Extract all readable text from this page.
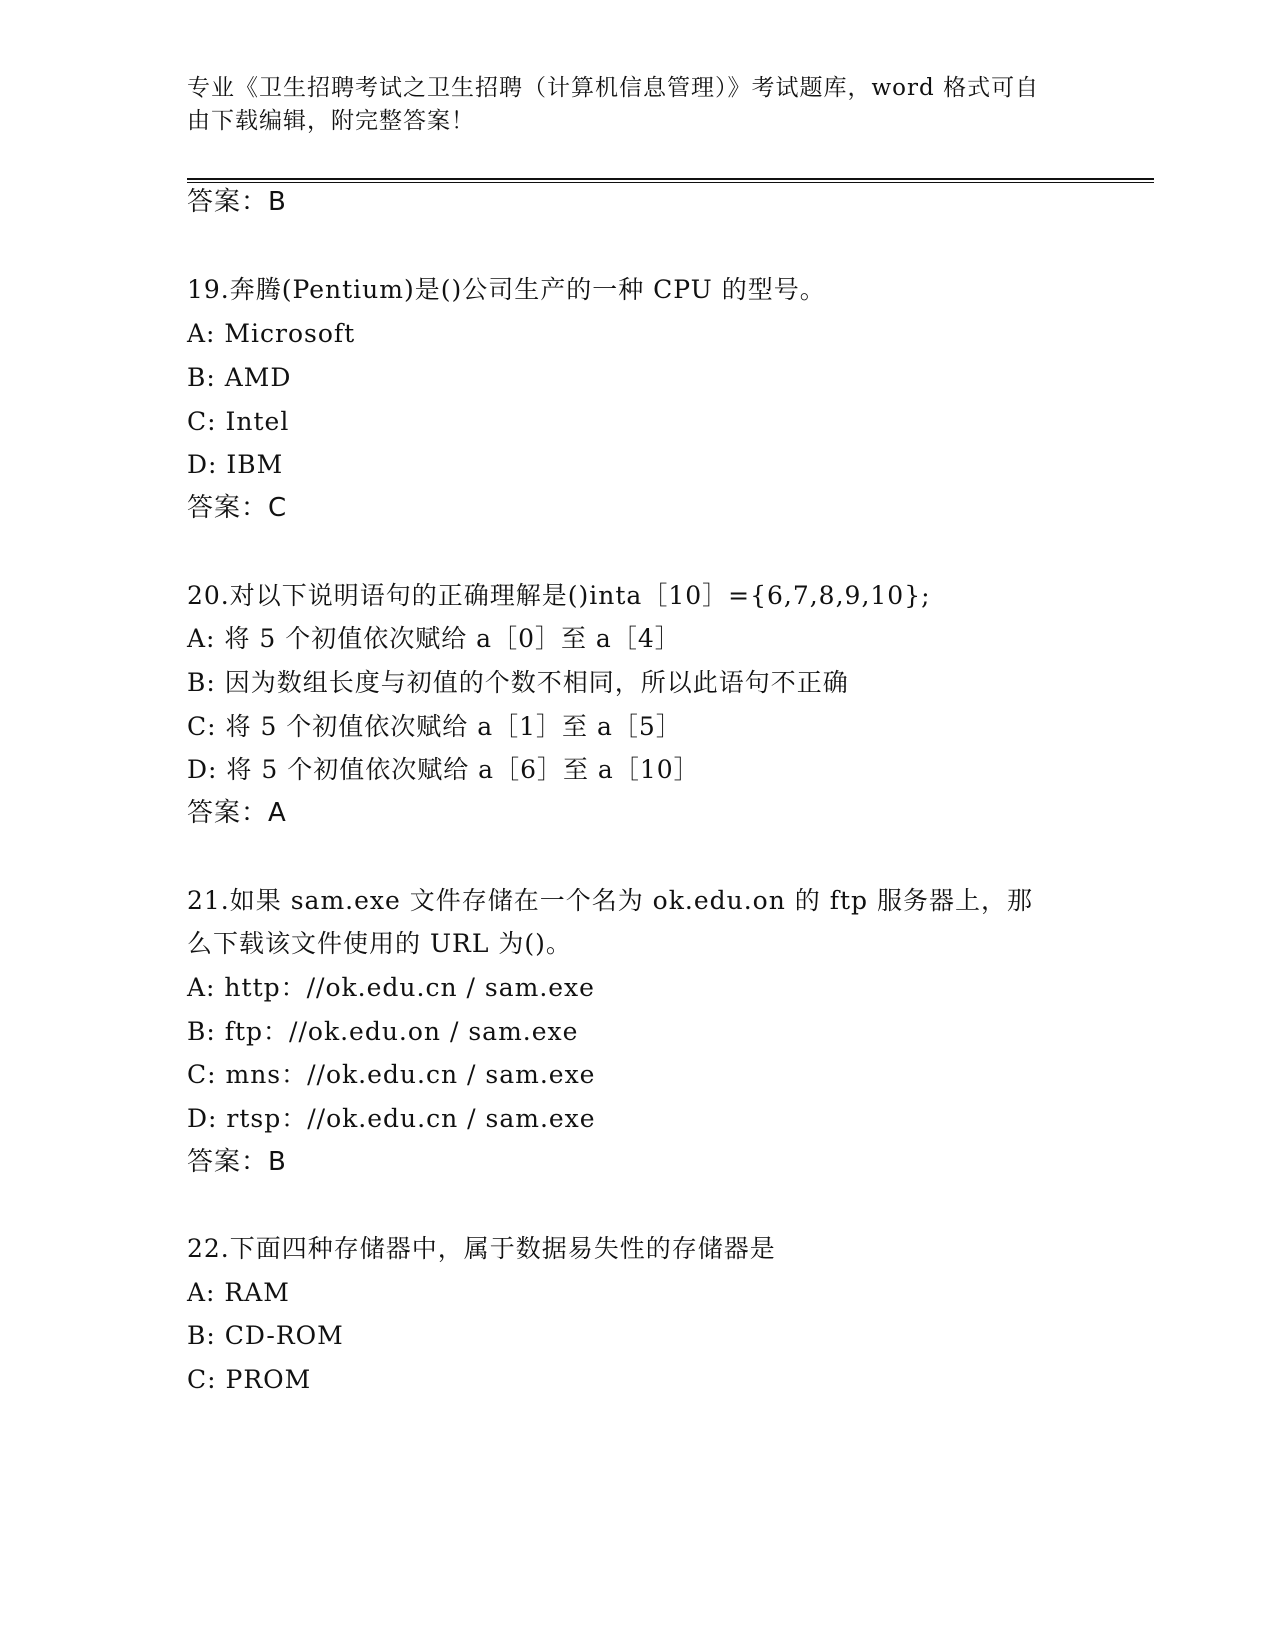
专业《卫生招聘考试之卫生招聘（计算机信息管理）》考试题库，word 格式可自
由下载编辑，附完整答案！
答案：B
19.奔腾(Pentium)是()公司生产的一种 CPU 的型号。
A: Microsoft
B: AMD
C: Intel
D: IBM
答案：C
20.对以下说明语句的正确理解是()inta［10］={6,7,8,9,10};
A: 将 5 个初值依次赋给 a［0］至 a［4］
B: 因为数组长度与初值的个数不相同，所以此语句不正确
C: 将 5 个初值依次赋给 a［1］至 a［5］
D: 将 5 个初值依次赋给 a［6］至 a［10］
答案：A
21.如果 sam.exe 文件存储在一个名为 ok.edu.on 的 ftp 服务器上，那
么下载该文件使用的 URL 为()。
A: http：//ok.edu.cn / sam.exe
B: ftp：//ok.edu.on / sam.exe
C: mns：//ok.edu.cn / sam.exe
D: rtsp：//ok.edu.cn / sam.exe
答案：B
22.下面四种存储器中，属于数据易失性的存储器是
A: RAM
B: CD-ROM
C: PROM
